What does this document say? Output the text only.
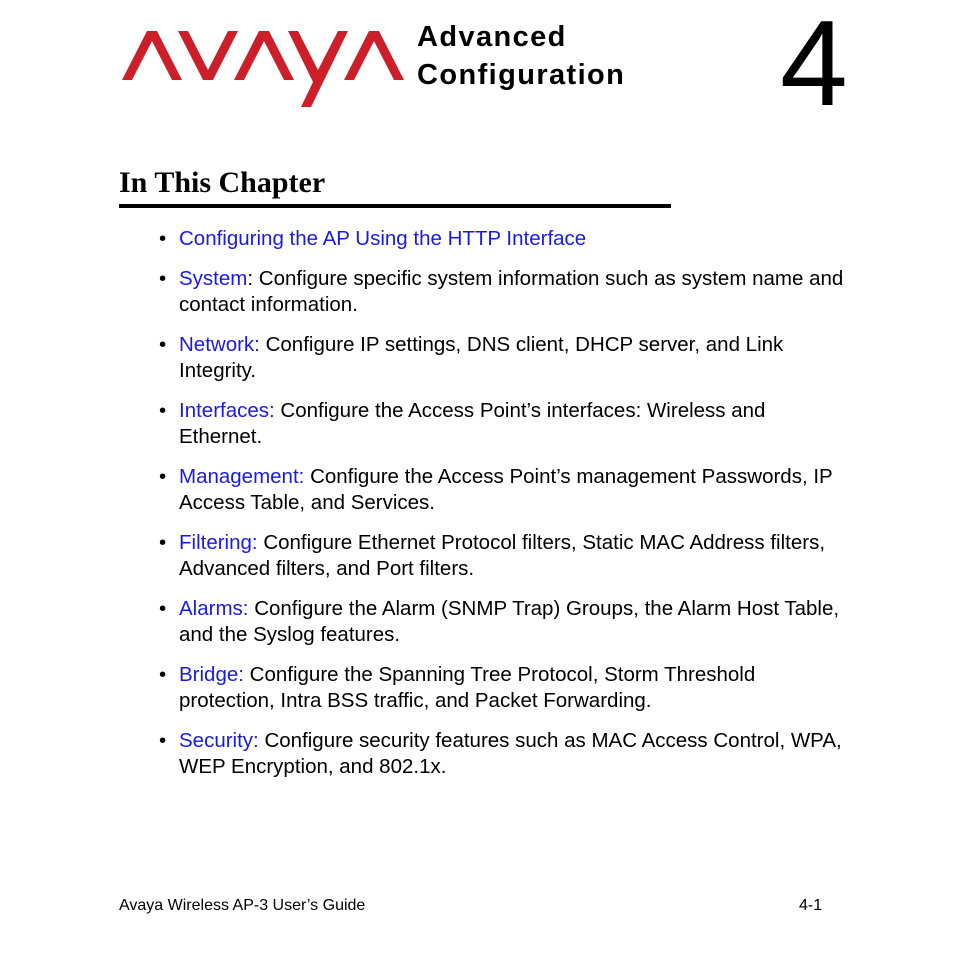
Advanced
Configuration 4
In This Chapter
• Configuring the AP Using the HTTP Interface
• System: Configure specific system information such as system name and contact information.
• Network: Configure IP settings, DNS client, DHCP server, and Link Integrity.
• Interfaces: Configure the Access Point’s interfaces: Wireless and Ethernet.
• Management: Configure the Access Point’s management Passwords, IP Access Table, and Services.
• Filtering: Configure Ethernet Protocol filters, Static MAC Address filters, Advanced filters, and Port filters.
• Alarms: Configure the Alarm (SNMP Trap) Groups, the Alarm Host Table, and the Syslog features.
• Bridge: Configure the Spanning Tree Protocol, Storm Threshold protection, Intra BSS traffic, and Packet Forwarding.
• Security: Configure security features such as MAC Access Control, WPA, WEP Encryption, and 802.1x.
Avaya Wireless AP-3 User’s Guide	4-1
